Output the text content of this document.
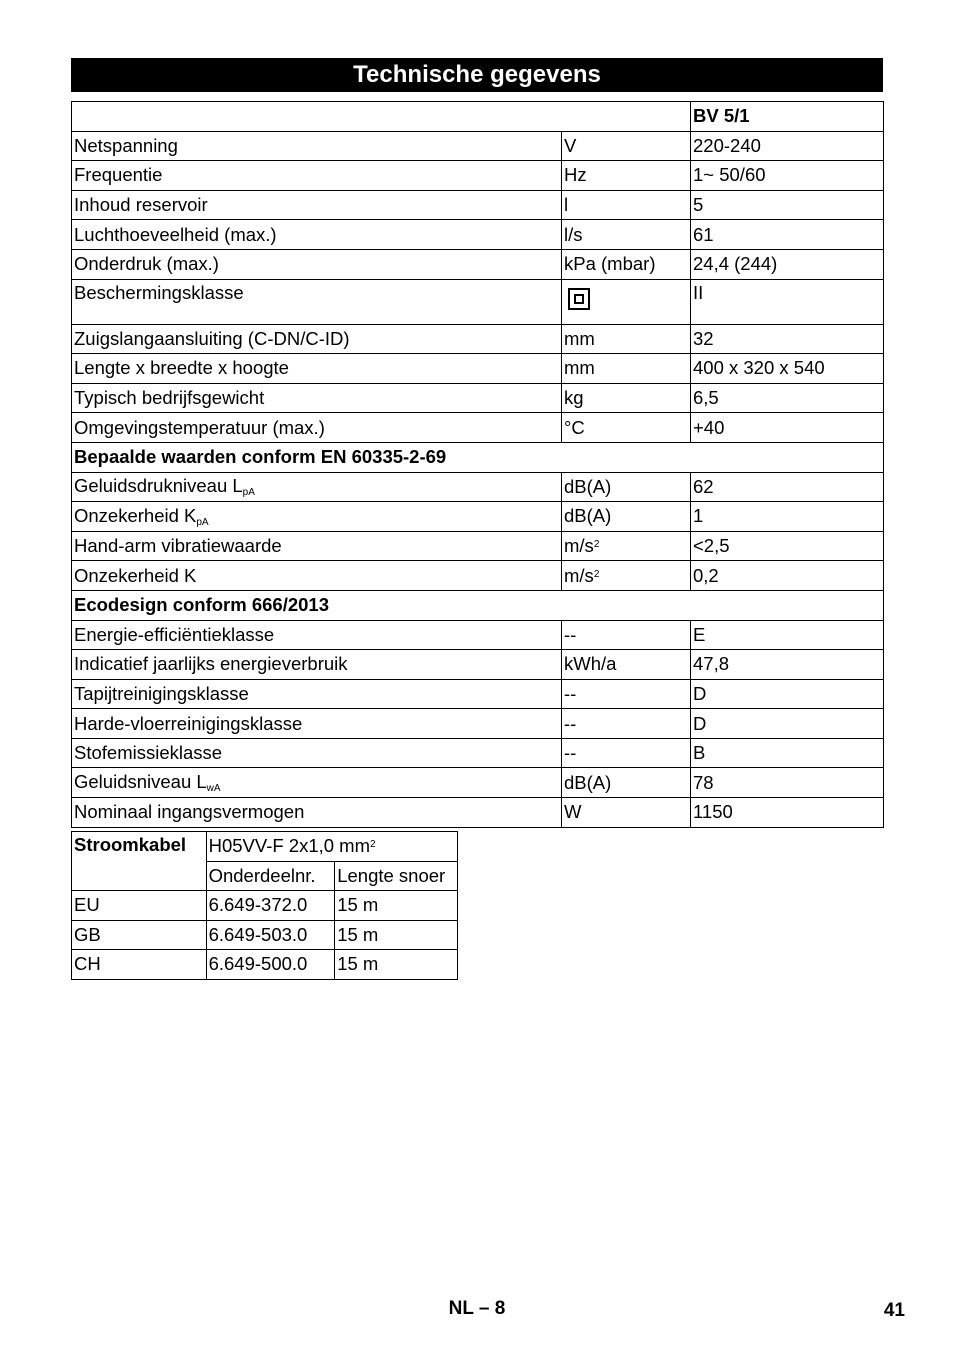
Technische gegevens
		BV 5/1
Netspanning	V	220-240
Frequentie	Hz	1~ 50/60
Inhoud reservoir	l	5
Luchthoeveelheid (max.)	l/s	61
Onderdruk (max.)	kPa (mbar)	24,4 (244)
Beschermingsklasse		II
Zuigslangaansluiting (C-DN/C-ID)	mm	32
Lengte x breedte x hoogte	mm	400 x 320 x 540
Typisch bedrijfsgewicht	kg	6,5
Omgevingstemperatuur (max.)	°C	+40
Bepaalde waarden conform EN 60335-2-69		
Geluidsdrukniveau $L_{pA}$	dB(A)	62
Onzekerheid $K_{pA}$	dB(A)	1
Hand-arm vibratiewaarde	$m/s^2$	<2,5
Onzekerheid K	$m/s^2$	0,2
Ecodesign conform 666/2013		
Energie-efficiëntieklasse	--	E
Indicatief jaarlijks energieverbruik	kWh/a	47,8
Tapijtreinigingsklasse	--	D
Harde-vloerreinigingsklasse	--	D
Stofemissieklasse	--	B
Geluidsniveau $L_{wA}$	dB(A)	78
Nominaal ingangsvermogen	W	1150
Stroomkabel	H05VV-F 2x1,0 $mm^2$
	Onderdeelnr.	Lengte snoer
EU	6.649-372.0	15 m
GB	6.649-503.0	15 m
CH	6.649-500.0	15 m
NL – 8	41
